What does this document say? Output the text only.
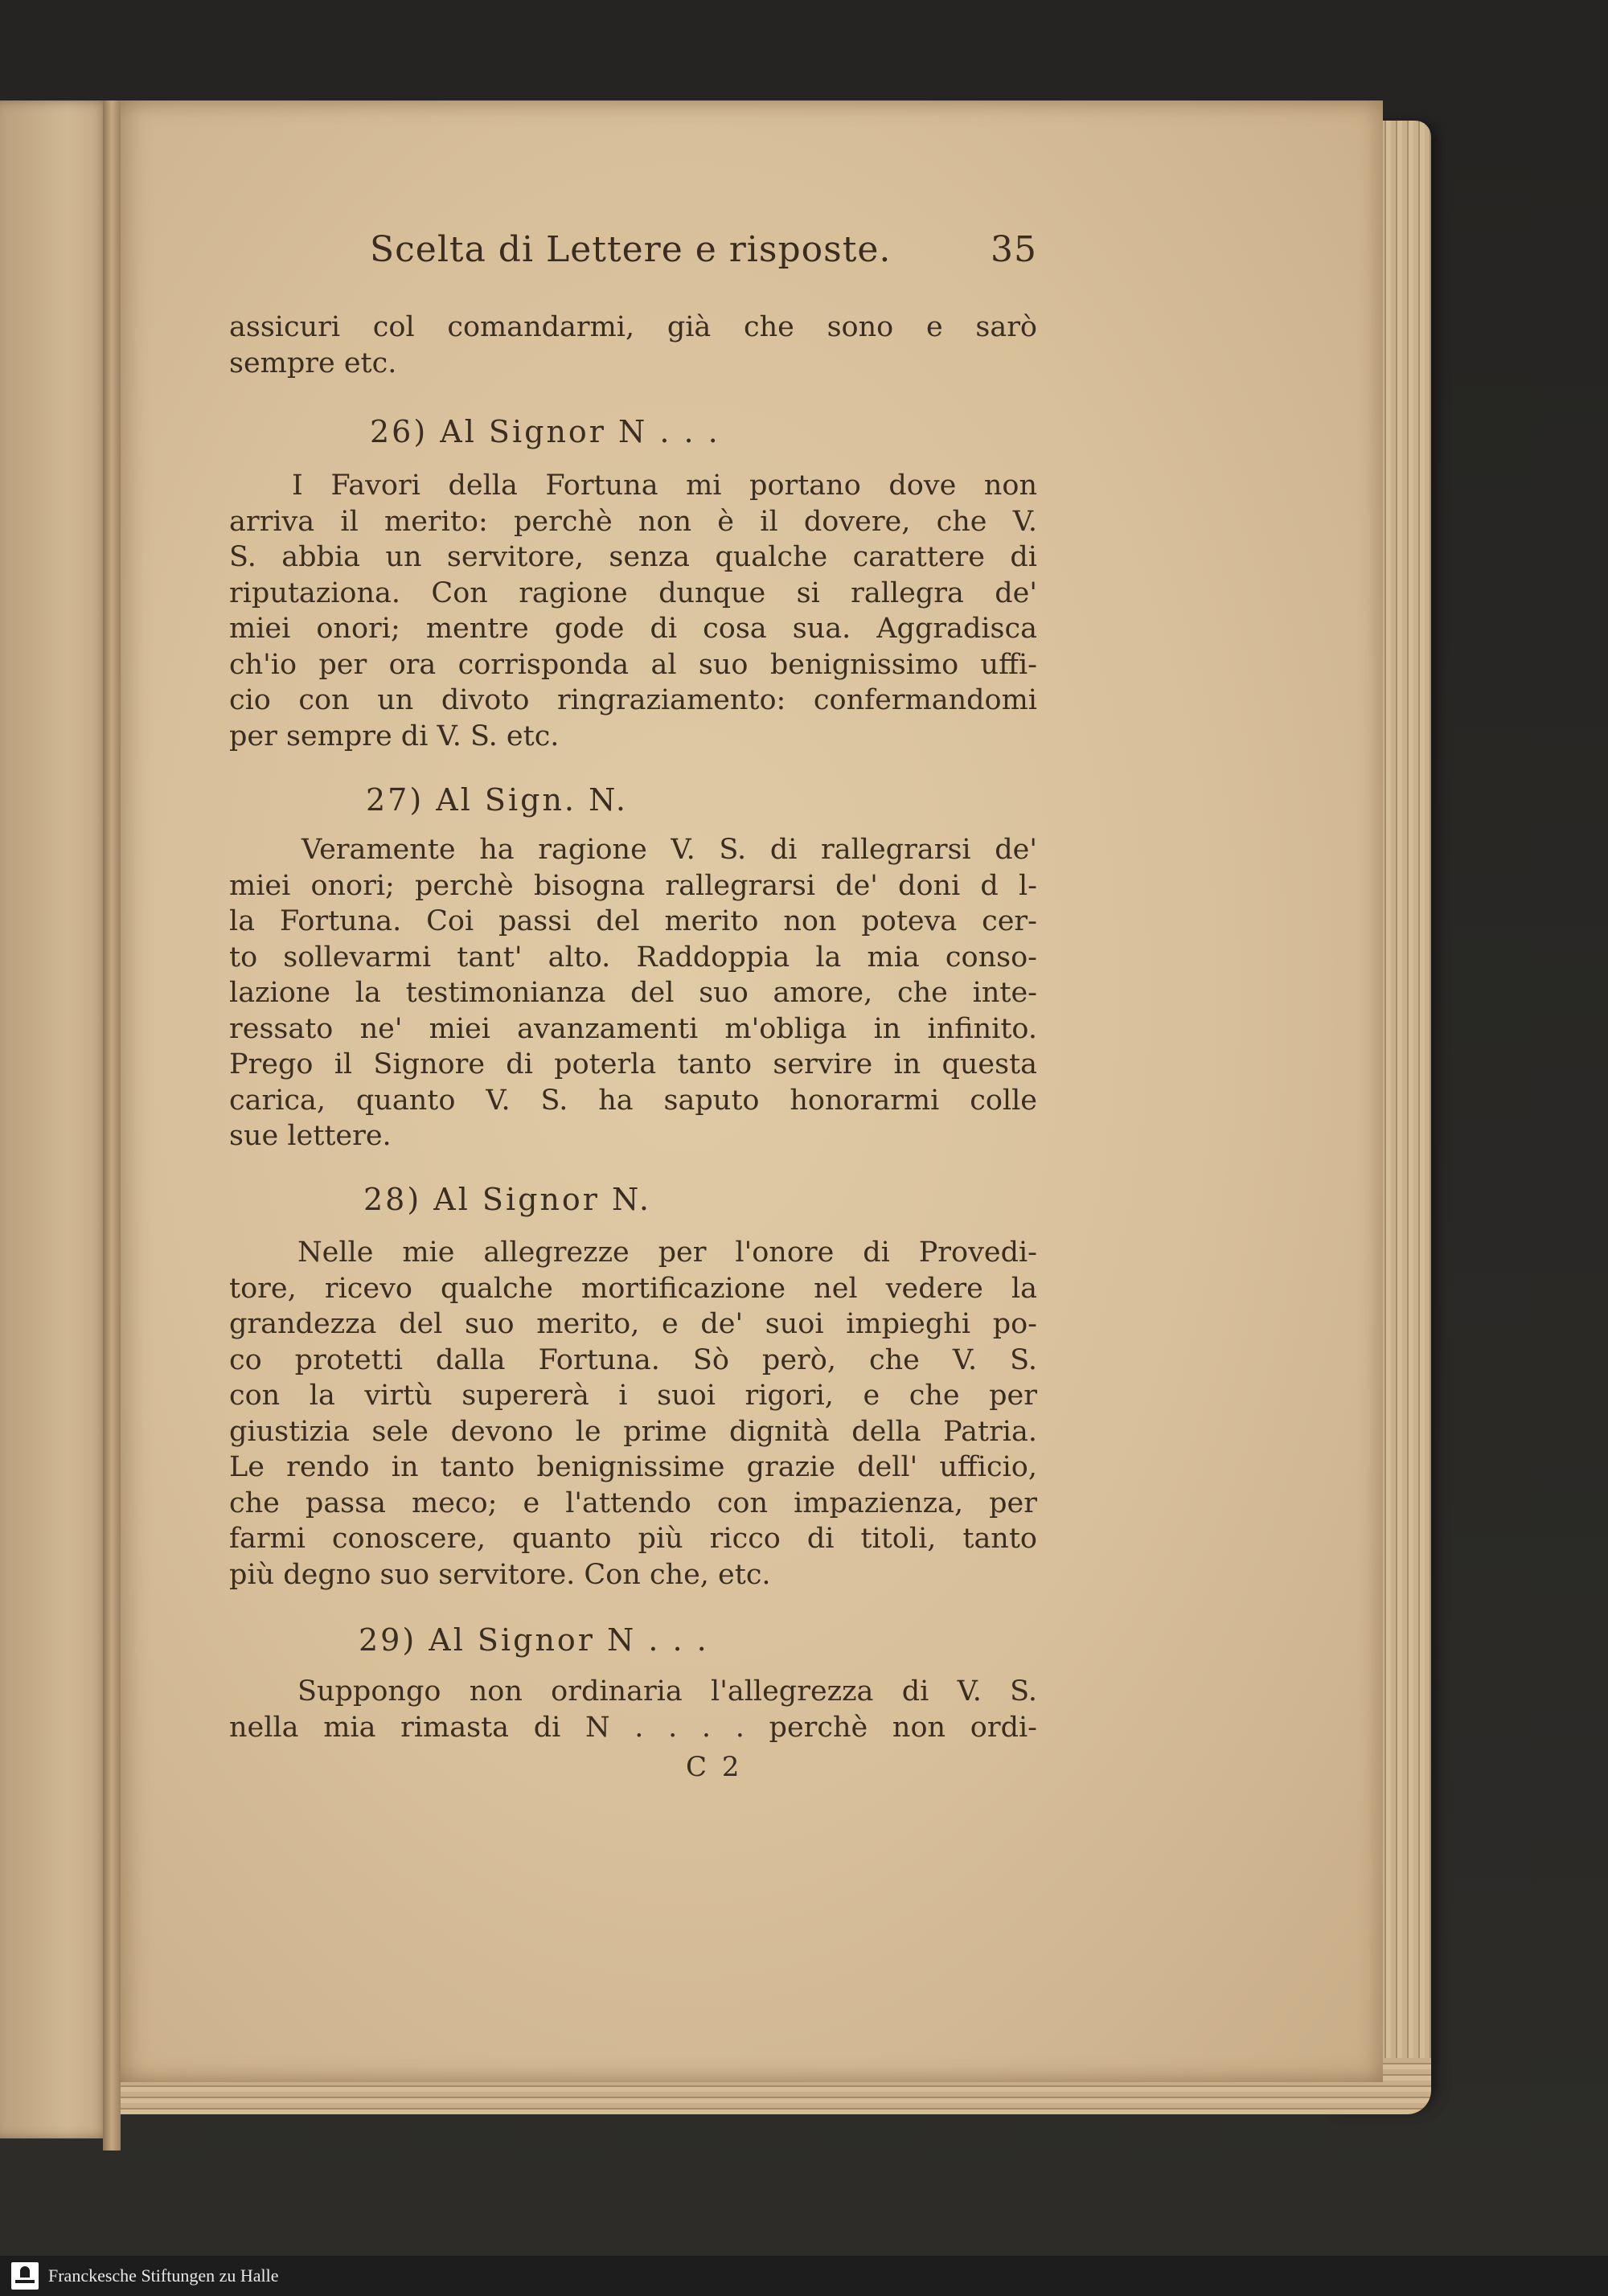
Scelta di Lettere e risposte.	35
assicuri col comandarmi, già che sono e sarò
sempre etc.
26) Al Signor N . . .
I Favori della Fortuna mi portano dove non
arriva il merito: perchè non è il dovere, che V.
S. abbia un servitore, senza qualche carattere di
riputaziona. Con ragione dunque si rallegra de'
miei onori; mentre gode di cosa sua. Aggradisca
ch'io per ora corrisponda al suo benignissimo uffi-
cio con un divoto ringraziamento: confermandomi
per sempre di V. S. etc.
27) Al Sign. N.
Veramente ha ragione V. S. di rallegrarsi de'
miei onori; perchè bisogna rallegrarsi de' doni d l-
la Fortuna. Coi passi del merito non poteva cer-
to sollevarmi tant' alto. Raddoppia la mia conso-
lazione la testimonianza del suo amore, che inte-
ressato ne' miei avanzamenti m'obliga in infinito.
Prego il Signore di poterla tanto servire in questa
carica, quanto V. S. ha saputo honorarmi colle
sue lettere.
28) Al Signor N.
Nelle mie allegrezze per l'onore di Provedi-
tore, ricevo qualche mortificazione nel vedere la
grandezza del suo merito, e de' suoi impieghi po-
co protetti dalla Fortuna. Sò però, che V. S.
con la virtù supererà i suoi rigori, e che per
giustizia sele devono le prime dignità della Patria.
Le rendo in tanto benignissime grazie dell' ufficio,
che passa meco; e l'attendo con impazienza, per
farmi conoscere, quanto più ricco di titoli, tanto
più degno suo servitore. Con che, etc.
29) Al Signor N . . .
Suppongo non ordinaria l'allegrezza di V. S.
nella mia rimasta di N . . . . perchè non ordi-
C 2
Franckesche Stiftungen zu Halle
